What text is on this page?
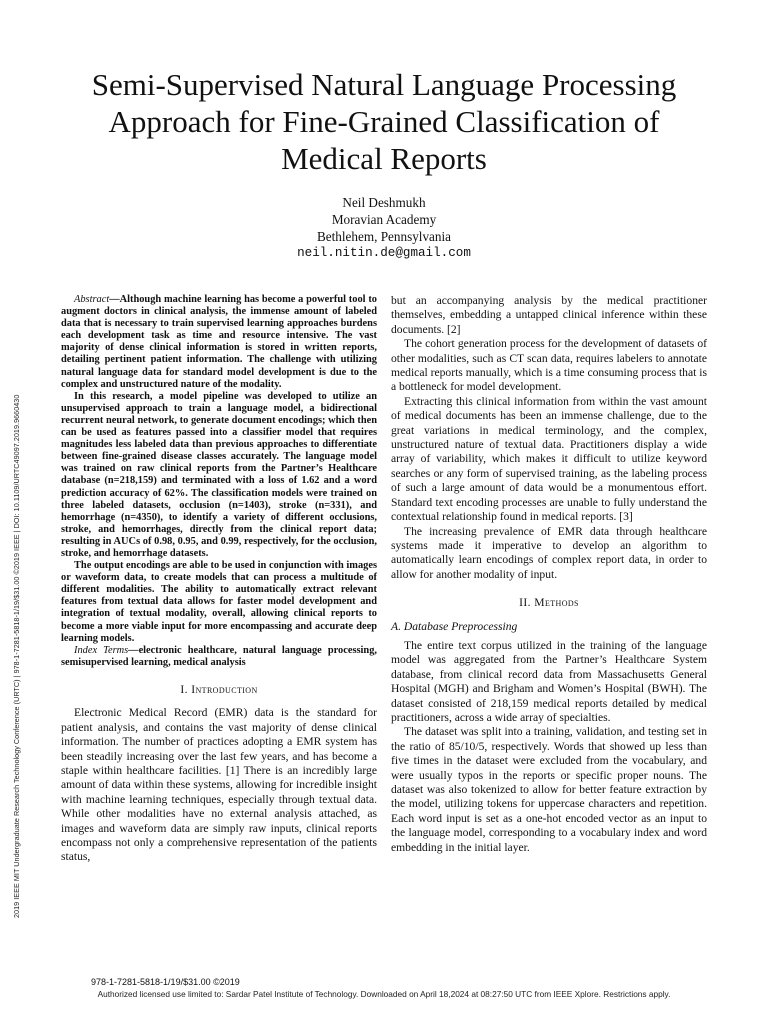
2019 IEEE MIT Undergraduate Research Technology Conference (URTC) | 978-1-7281-5818-1/19/$31.00 ©2019 IEEE | DOI: 10.1109/URTC49097.2019.9660430
Semi-Supervised Natural Language Processing Approach for Fine-Grained Classification of Medical Reports
Neil Deshmukh
Moravian Academy
Bethlehem, Pennsylvania
neil.nitin.de@gmail.com

Abstract—Although machine learning has become a powerful tool to augment doctors in clinical analysis, the immense amount of labeled data that is necessary to train supervised learning approaches burdens each development task as time and resource intensive. The vast majority of dense clinical information is stored in written reports, detailing pertinent patient information. The challenge with utilizing natural language data for standard model development is due to the complex and unstructured nature of the modality.

In this research, a model pipeline was developed to utilize an unsupervised approach to train a language model, a bidirectional recurrent neural network, to generate document encodings; which then can be used as features passed into a classifier model that requires magnitudes less labeled data than previous approaches to differentiate between fine-grained disease classes accurately. The language model was trained on raw clinical reports from the Partner’s Healthcare database (n=218,159) and terminated with a loss of 1.62 and a word prediction accuracy of 62%. The classification models were trained on three labeled datasets, occlusion (n=1403), stroke (n=331), and hemorrhage (n=4350), to identify a variety of different occlusions, stroke, and hemorrhages, directly from the clinical report data; resulting in AUCs of 0.98, 0.95, and 0.99, respectively, for the occlusion, stroke, and hemorrhage datasets.

The output encodings are able to be used in conjunction with images or waveform data, to create models that can process a multitude of different modalities. The ability to automatically extract relevant features from textual data allows for faster model development and integration of textual modality, overall, allowing clinical reports to become a more viable input for more encompassing and accurate deep learning models.

Index Terms—electronic healthcare, natural language processing, semisupervised learning, medical analysis

I. Introduction

Electronic Medical Record (EMR) data is the standard for patient analysis, and contains the vast majority of dense clinical information. The number of practices adopting a EMR system has been steadily increasing over the last few years, and has become a staple within healthcare facilities. [1] There is an incredibly large amount of data within these systems, allowing for incredible insight with machine learning techniques, especially through textual data. While other modalities have no external analysis attached, as images and waveform data are simply raw inputs, clinical reports encompass not only a comprehensive representation of the patients status,

but an accompanying analysis by the medical practitioner themselves, embedding a untapped clinical inference within these documents. [2]

The cohort generation process for the development of datasets of other modalities, such as CT scan data, requires labelers to annotate medical reports manually, which is a time consuming process that is a bottleneck for model development.

Extracting this clinical information from within the vast amount of medical documents has been an immense challenge, due to the great variations in medical terminology, and the complex, unstructured nature of textual data. Practitioners display a wide array of variability, which makes it difficult to utilize keyword searches or any form of supervised training, as the labeling process of such a large amount of data would be a monumentous effort. Standard text encoding processes are unable to fully understand the contextual relationship found in medical reports. [3]

The increasing prevalence of EMR data through healthcare systems made it imperative to develop an algorithm to automatically learn encodings of complex report data, in order to allow for another modality of input.

II. Methods
A. Database Preprocessing

The entire text corpus utilized in the training of the language model was aggregated from the Partner’s Healthcare System database, from clinical record data from Massachusetts General Hospital (MGH) and Brigham and Women’s Hospital (BWH). The dataset consisted of 218,159 medical reports detailed by medical practitioners, across a wide array of specialties.

The dataset was split into a training, validation, and testing set in the ratio of 85/10/5, respectively. Words that showed up less than five times in the dataset were excluded from the vocabulary, and were usually typos in the reports or specific proper nouns. The dataset was also tokenized to allow for better feature extraction by the model, utilizing tokens for uppercase characters and repetition. Each word input is set as a one-hot encoded vector as an input to the language model, corresponding to a vocabulary index and word embedding in the initial layer.

978-1-7281-5818-1/19/$31.00 ©2019
Authorized licensed use limited to: Sardar Patel Institute of Technology. Downloaded on April 18,2024 at 08:27:50 UTC from IEEE Xplore. Restrictions apply.
